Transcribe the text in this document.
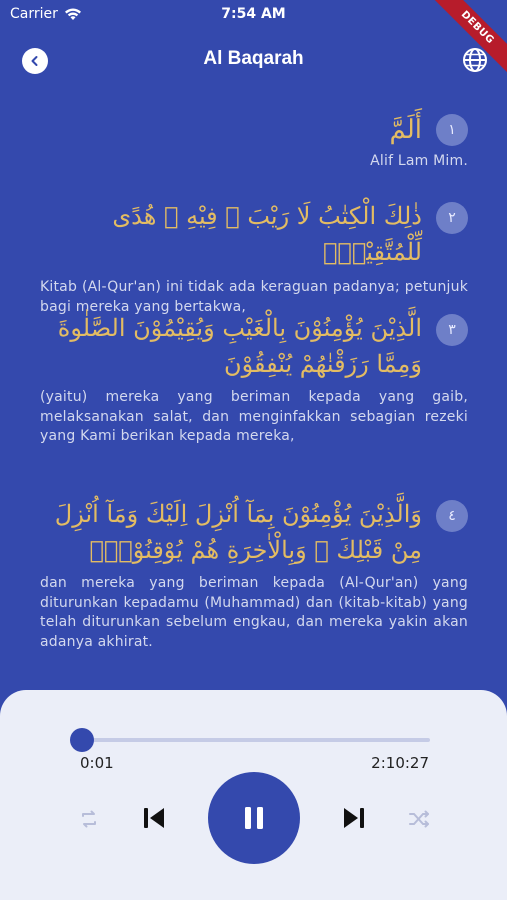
Carrier	7:54 AM	DEBUG
Al Baqarah
١
أَلَمَّ
Alif Lam Mim.
٢
ذٰلِكَ الْكِتٰبُ لَا رَيْبَ ۛ فِيْهِ ۛ هُدًى لِّلْمُتَّقِيْنَۙ
Kitab (Al-Qur'an) ini tidak ada keraguan padanya; petunjuk bagi mereka yang bertakwa,
٣
الَّذِيْنَ يُؤْمِنُوْنَ بِالْغَيْبِ وَيُقِيْمُوْنَ الصَّلٰوةَ وَمِمَّا رَزَقْنٰهُمْ يُنْفِقُوْنَ
(yaitu) mereka yang beriman kepada yang gaib, melaksanakan salat, dan menginfakkan sebagian rezeki yang Kami berikan kepada mereka,
٤
وَالَّذِيْنَ يُؤْمِنُوْنَ بِمَآ اُنْزِلَ اِلَيْكَ وَمَآ اُنْزِلَ مِنْ قَبْلِكَ ۚ وَبِالْاٰخِرَةِ هُمْ يُوْقِنُوْنَۗ
dan mereka yang beriman kepada (Al-Qur'an) yang diturunkan kepadamu (Muhammad) dan (kitab-kitab) yang telah diturunkan sebelum engkau, dan mereka yakin akan adanya akhirat.
0:01	2:10:27
